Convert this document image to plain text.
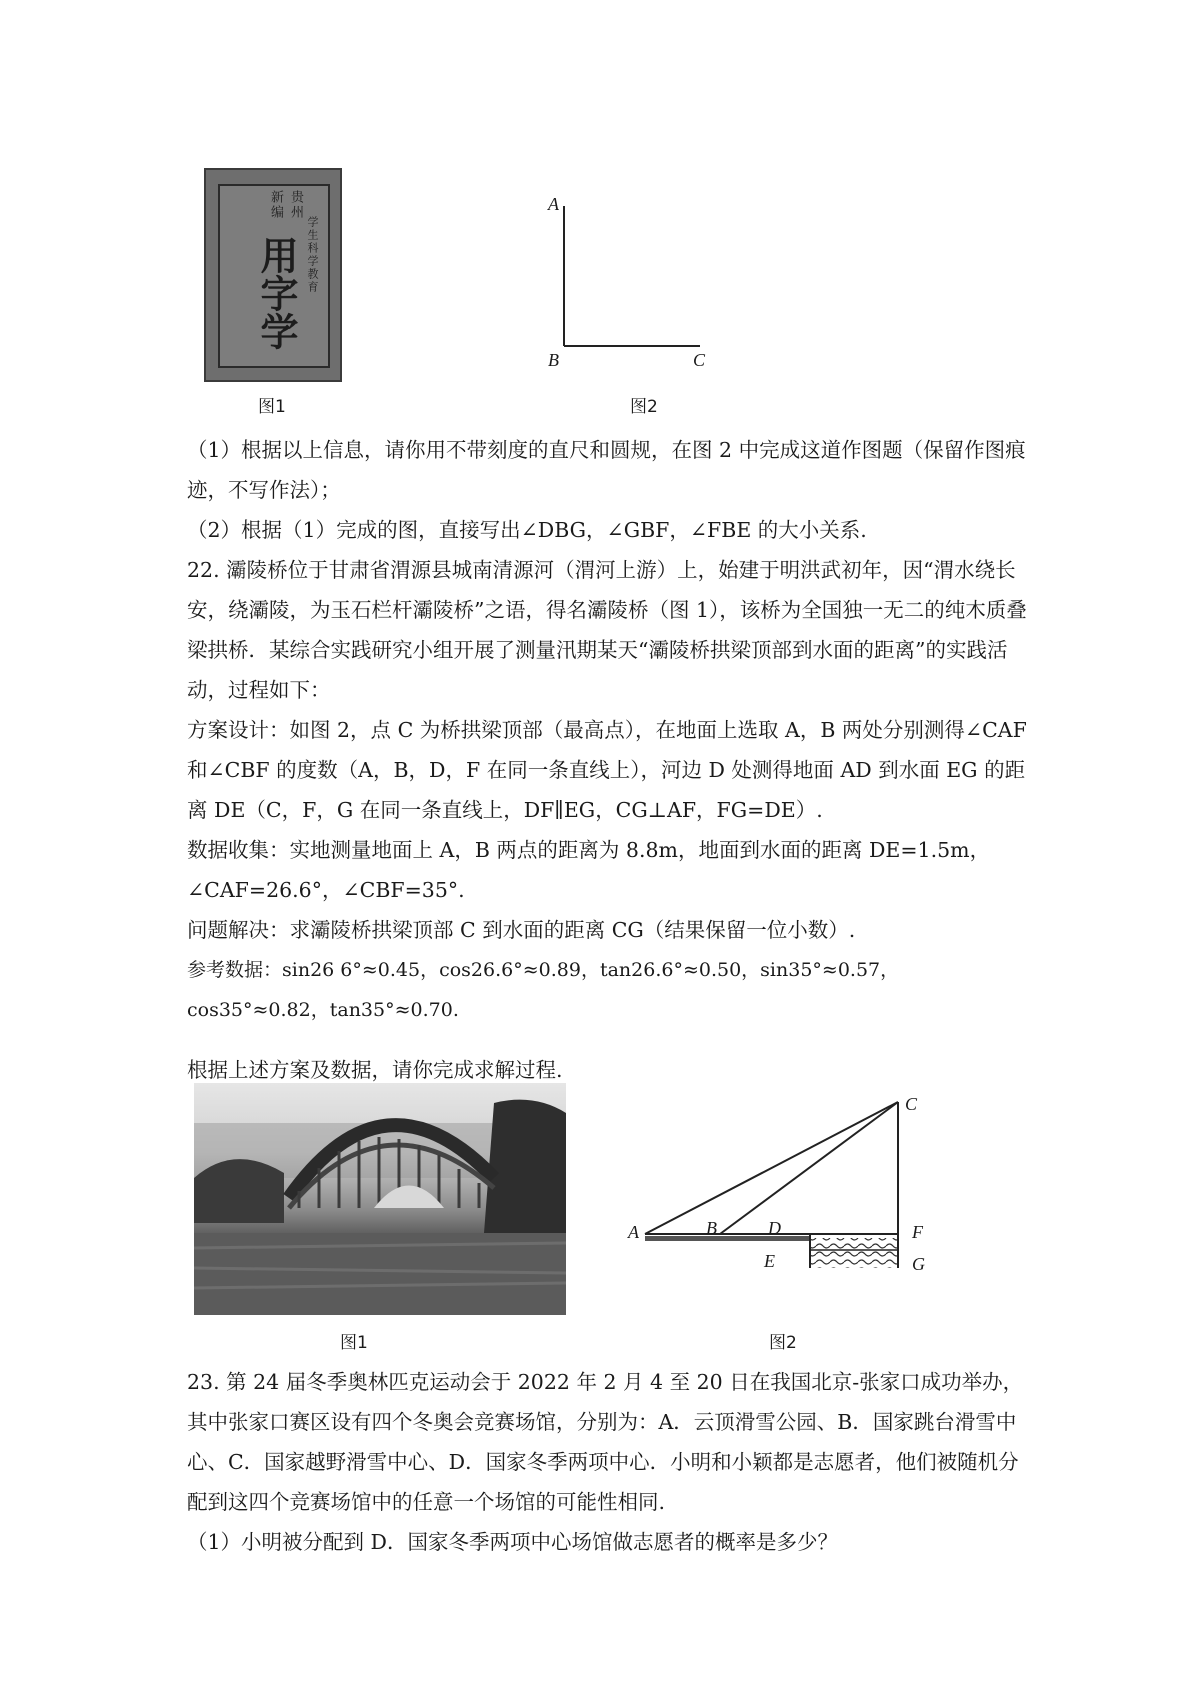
贵州
新编
学生科学教育
用字学
图1
A
B	C
图2

（1）根据以上信息，请你用不带刻度的直尺和圆规，在图 2 中完成这道作图题（保留作图痕迹，不写作法）；

（2）根据（1）完成的图，直接写出∠DBG，∠GBF，∠FBE 的大小关系.

22. 灞陵桥位于甘肃省渭源县城南清源河（渭河上游）上，始建于明洪武初年，因“渭水绕长安，绕灞陵，为玉石栏杆灞陵桥”之语，得名灞陵桥（图 1），该桥为全国独一无二的纯木质叠梁拱桥．某综合实践研究小组开展了测量汛期某天“灞陵桥拱梁顶部到水面的距离”的实践活动，过程如下：

方案设计：如图 2，点 C 为桥拱梁顶部（最高点），在地面上选取 A，B 两处分别测得∠CAF 和∠CBF 的度数（A，B，D，F 在同一条直线上），河边 D 处测得地面 AD 到水面 EG 的距离 DE（C，F，G 在同一条直线上，DF∥EG，CG⊥AF，FG=DE）.

数据收集：实地测量地面上 A，B 两点的距离为 8.8m，地面到水面的距离 DE=1.5m，

∠CAF=26.6°，∠CBF=35°.

问题解决：求灞陵桥拱梁顶部 C 到水面的距离 CG（结果保留一位小数）.

参考数据：sin26 6°≈0.45，cos26.6°≈0.89，tan26.6°≈0.50，sin35°≈0.57，cos35°≈0.82，tan35°≈0.70.

根据上述方案及数据，请你完成求解过程.

图1
C
A	B	D
E
F
G
图2

23. 第 24 届冬季奥林匹克运动会于 2022 年 2 月 4 至 20 日在我国北京-张家口成功举办，其中张家口赛区设有四个冬奥会竞赛场馆，分别为：A．云顶滑雪公园、B．国家跳台滑雪中心、C．国家越野滑雪中心、D．国家冬季两项中心．小明和小颖都是志愿者，他们被随机分配到这四个竞赛场馆中的任意一个场馆的可能性相同.

（1）小明被分配到 D．国家冬季两项中心场馆做志愿者的概率是多少？
